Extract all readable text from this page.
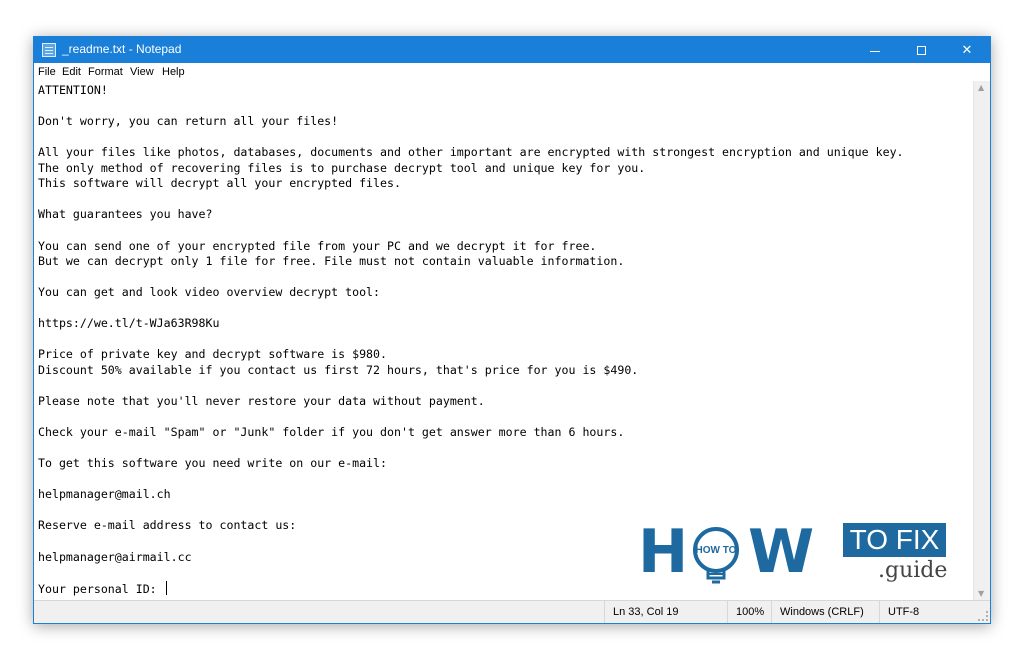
_readme.txt - Notepad	✕
File Edit Format View Help
ATTENTION!
Don't worry, you can return all your files!
All your files like photos, databases, documents and other important are encrypted with strongest encryption and unique key.
The only method of recovering files is to purchase decrypt tool and unique key for you.
This software will decrypt all your encrypted files.
What guarantees you have?
You can send one of your encrypted file from your PC and we decrypt it for free.
But we can decrypt only 1 file for free. File must not contain valuable information.
You can get and look video overview decrypt tool:
https://we.tl/t-WJa63R98Ku
Price of private key and decrypt software is $980.
Discount 50% available if you contact us first 72 hours, that's price for you is $490.
Please note that you'll never restore your data without payment.
Check your e-mail "Spam" or "Junk" folder if you don't get answer more than 6 hours.
To get this software you need write on our e-mail:
helpmanager@mail.ch
Reserve e-mail address to contact us:
helpmanager@airmail.cc
Your personal ID:
▲
▼
Ln 33, Col 19	100%	Windows (CRLF)	UTF-8
H HOW TO W TO FIX
.guide
